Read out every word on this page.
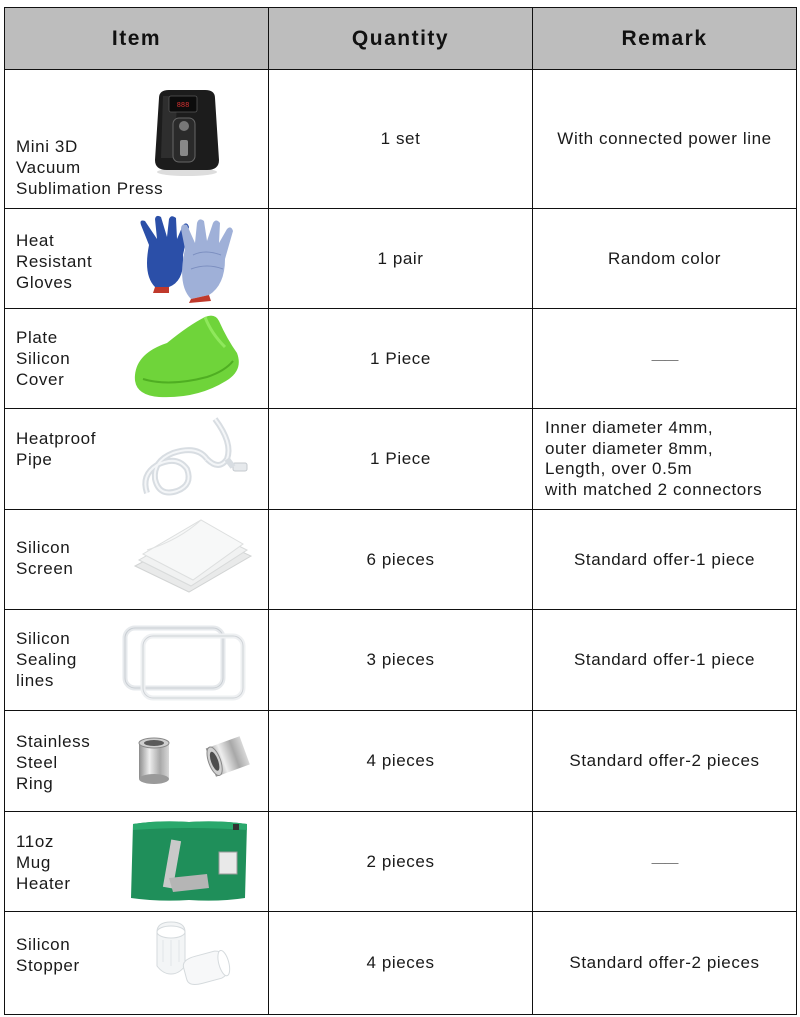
Item	Quantity	Remark

Mini 3D
Vacuum
Sublimation Press
888	1 set	With connected power line

Heat
Resistant
Gloves	1 pair	Random color

Plate
Silicon
Cover	1 Piece	——

Heatproof
Pipe	1 Piece	Inner diameter 4mm,
outer diameter 8mm,
Length, over 0.5m
with matched 2 connectors

Silicon
Screen	6 pieces	Standard offer-1 piece

Silicon
Sealing
lines	3 pieces	Standard offer-1 piece

Stainless
Steel
Ring	4 pieces	Standard offer-2 pieces

11oz
Mug
Heater	2 pieces	——

Silicon
Stopper	4 pieces	Standard offer-2 pieces
